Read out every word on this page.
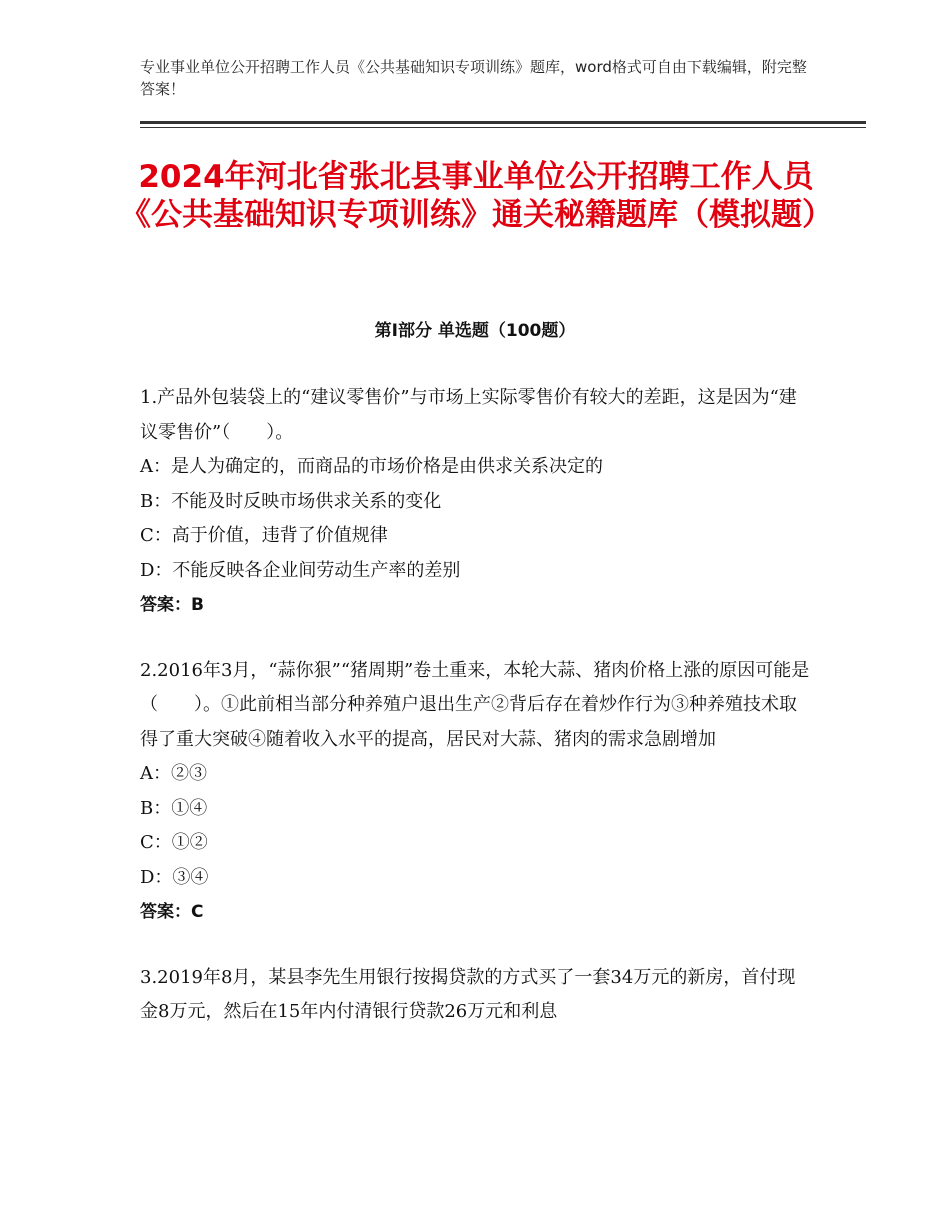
专业事业单位公开招聘工作人员《公共基础知识专项训练》题库，word格式可自由下载编辑，附完整答案！
2024年河北省张北县事业单位公开招聘工作人员《公共基础知识专项训练》通关秘籍题库（模拟题）
第I部分 单选题（100题）
1.产品外包装袋上的“建议零售价”与市场上实际零售价有较大的差距，这是因为“建议零售价”（　　）。
A：是人为确定的，而商品的市场价格是由供求关系决定的
B：不能及时反映市场供求关系的变化
C：高于价值，违背了价值规律
D：不能反映各企业间劳动生产率的差别
答案：B
2.2016年3月，“蒜你狠”“猪周期”卷土重来，本轮大蒜、猪肉价格上涨的原因可能是（　　）。①此前相当部分种养殖户退出生产②背后存在着炒作行为③种养殖技术取得了重大突破④随着收入水平的提高，居民对大蒜、猪肉的需求急剧增加
A：②③
B：①④
C：①②
D：③④
答案：C
3.2019年8月，某县李先生用银行按揭贷款的方式买了一套34万元的新房，首付现金8万元，然后在15年内付清银行贷款26万元和利息
